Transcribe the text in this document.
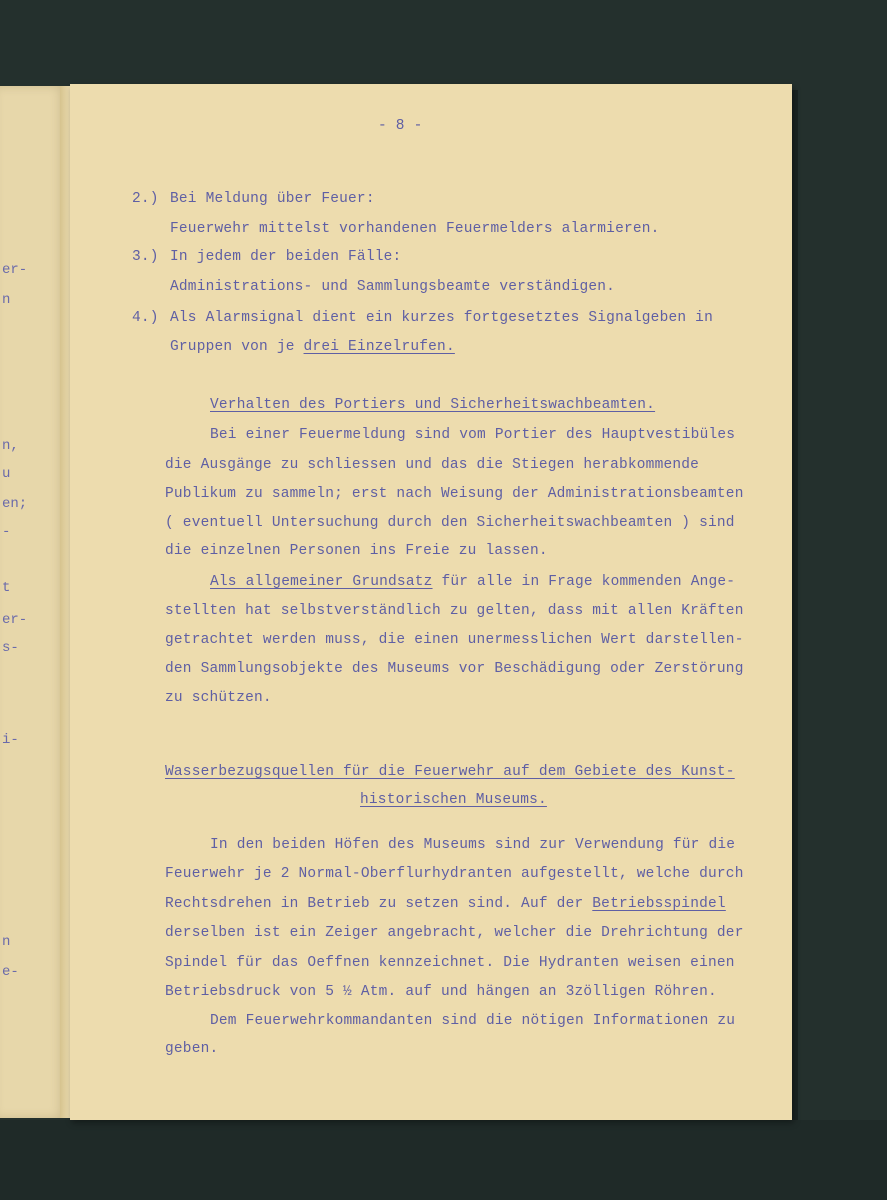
er-
n
n,
u
en;
-
t
er-
s-
i-
n
e-
- 8 -
2.) Bei Meldung über Feuer:
Feuerwehr mittelst vorhandenen Feuermelders alarmieren.
3.) In jedem der beiden Fälle:
Administrations- und Sammlungsbeamte verständigen.
4.) Als Alarmsignal dient ein kurzes fortgesetztes Signalgeben in
Gruppen von je drei Einzelrufen.
Verhalten des Portiers und Sicherheitswachbeamten.
Bei einer Feuermeldung sind vom Portier des Hauptvestibüles
die Ausgänge zu schliessen und das die Stiegen herabkommende
Publikum zu sammeln; erst nach Weisung der Administrationsbeamten
( eventuell Untersuchung durch den Sicherheitswachbeamten ) sind
die einzelnen Personen ins Freie zu lassen.
Als allgemeiner Grundsatz für alle in Frage kommenden Ange-
stellten hat selbstverständlich zu gelten, dass mit allen Kräften
getrachtet werden muss, die einen unermesslichen Wert darstellen-
den Sammlungsobjekte des Museums vor Beschädigung oder Zerstörung
zu schützen.
Wasserbezugsquellen für die Feuerwehr auf dem Gebiete des Kunst-
historischen Museums.
In den beiden Höfen des Museums sind zur Verwendung für die
Feuerwehr je 2 Normal-Oberflurhydranten aufgestellt, welche durch
Rechtsdrehen in Betrieb zu setzen sind. Auf der Betriebsspindel
derselben ist ein Zeiger angebracht, welcher die Drehrichtung der
Spindel für das Oeffnen kennzeichnet. Die Hydranten weisen einen
Betriebsdruck von 5 ½ Atm. auf und hängen an 3zölligen Röhren.
Dem Feuerwehrkommandanten sind die nötigen Informationen zu
geben.
